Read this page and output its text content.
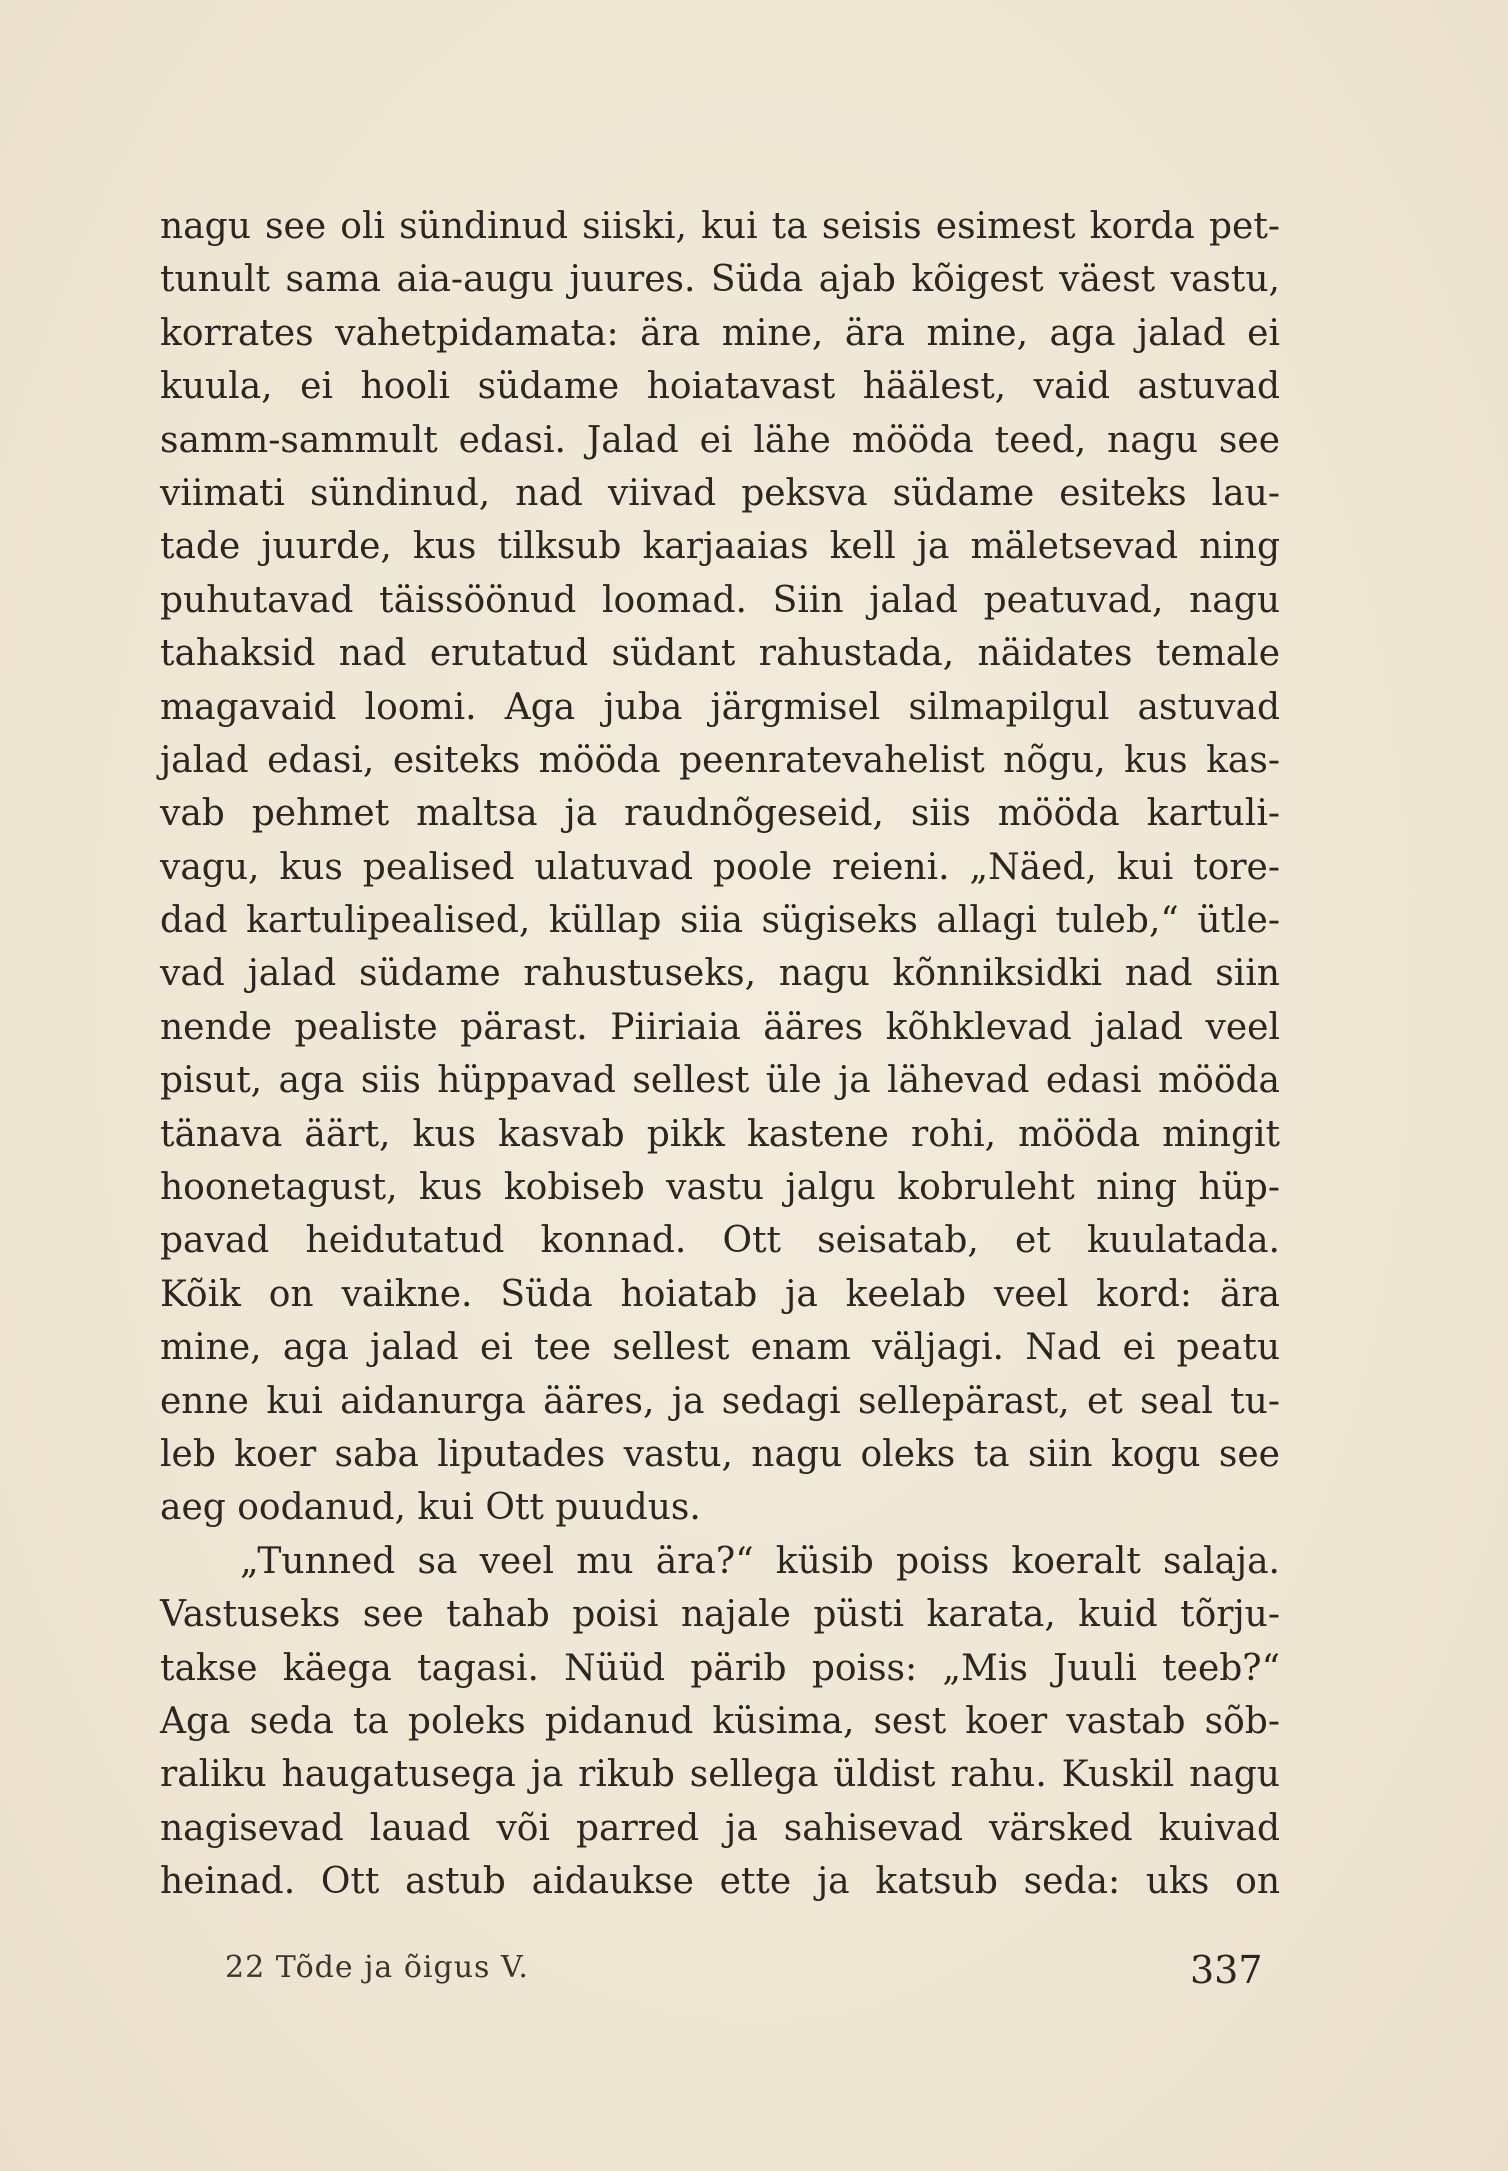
nagu see oli sündinud siiski, kui ta seisis esimest korda pet-
tunult sama aia-augu juures. Süda ajab kõigest väest vastu,
korrates vahetpidamata: ära mine, ära mine, aga jalad ei
kuula, ei hooli südame hoiatavast häälest, vaid astuvad
samm-sammult edasi. Jalad ei lähe mööda teed, nagu see
viimati sündinud, nad viivad peksva südame esiteks lau-
tade juurde, kus tilksub karjaaias kell ja mäletsevad ning
puhutavad täissöönud loomad. Siin jalad peatuvad, nagu
tahaksid nad erutatud südant rahustada, näidates temale
magavaid loomi. Aga juba järgmisel silmapilgul astuvad
jalad edasi, esiteks mööda peenratevahelist nõgu, kus kas-
vab pehmet maltsa ja raudnõgeseid, siis mööda kartuli-
vagu, kus pealised ulatuvad poole reieni. „Näed, kui tore-
dad kartulipealised, küllap siia sügiseks allagi tuleb,“ ütle-
vad jalad südame rahustuseks, nagu kõnniksidki nad siin
nende pealiste pärast. Piiriaia ääres kõhklevad jalad veel
pisut, aga siis hüppavad sellest üle ja lähevad edasi mööda
tänava äärt, kus kasvab pikk kastene rohi, mööda mingit
hoonetagust, kus kobiseb vastu jalgu kobruleht ning hüp-
pavad heidutatud konnad. Ott seisatab, et kuulatada.
Kõik on vaikne. Süda hoiatab ja keelab veel kord: ära
mine, aga jalad ei tee sellest enam väljagi. Nad ei peatu
enne kui aidanurga ääres, ja sedagi sellepärast, et seal tu-
leb koer saba liputades vastu, nagu oleks ta siin kogu see
aeg oodanud, kui Ott puudus.
„Tunned sa veel mu ära?“ küsib poiss koeralt salaja.
Vastuseks see tahab poisi najale püsti karata, kuid tõrju-
takse käega tagasi. Nüüd pärib poiss: „Mis Juuli teeb?“
Aga seda ta poleks pidanud küsima, sest koer vastab sõb-
raliku haugatusega ja rikub sellega üldist rahu. Kuskil nagu
nagisevad lauad või parred ja sahisevad värsked kuivad
heinad. Ott astub aidaukse ette ja katsub seda: uks on
22 Tõde ja õigus V.	337
